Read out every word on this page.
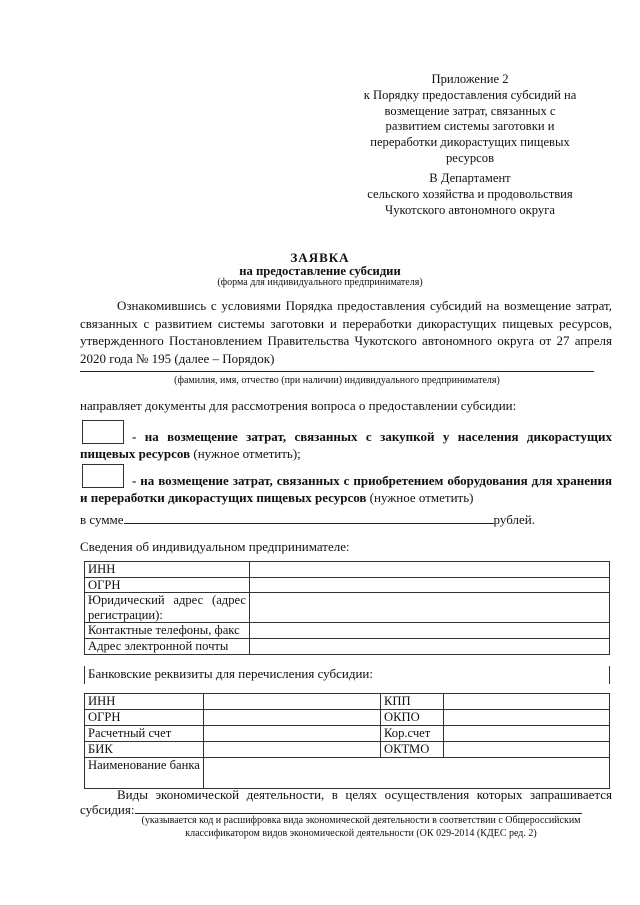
Приложение 2
к Порядку предоставления субсидий на
возмещение затрат, связанных с
развитием системы заготовки и
переработки дикорастущих пищевых
ресурсов
В Департамент
сельского хозяйства и продовольствия
Чукотского автономного округа
ЗАЯВКА
на предоставление субсидии
(форма для индивидуального предпринимателя)
Ознакомившись с условиями Порядка предоставления субсидий на возмещение затрат, связанных с развитием системы заготовки и переработки дикорастущих пищевых ресурсов, утвержденного Постановлением Правительства Чукотского автономного округа от 27 апреля 2020 года № 195 (далее – Порядок)
(фамилия, имя, отчество (при наличии) индивидуального предпринимателя)
направляет документы для рассмотрения вопроса о предоставлении субсидии:
- на возмещение затрат, связанных с закупкой у населения дикорастущих пищевых ресурсов (нужное отметить);
- на возмещение затрат, связанных с приобретением оборудования для хранения и переработки дикорастущих пищевых ресурсов (нужное отметить)
в сумме	рублей.
Сведения об индивидуальном предпринимателе:
ИНН	
ОГРН	
Юридический адрес (адрес регистрации):	
Контактные телефоны, факс	
Адрес электронной почты	
Банковские реквизиты для перечисления субсидии:
ИНН		КПП	
ОГРН		ОКПО	
Расчетный счет		Кор.счет	
БИК		ОКТМО	
Наименование банка			
Виды экономической деятельности, в целях осуществления которых запрашивается субсидия:
(указывается код и расшифровка вида экономической деятельности в соответствии с Общероссийским классификатором видов экономической деятельности (ОК 029-2014 (КДЕС ред. 2)
